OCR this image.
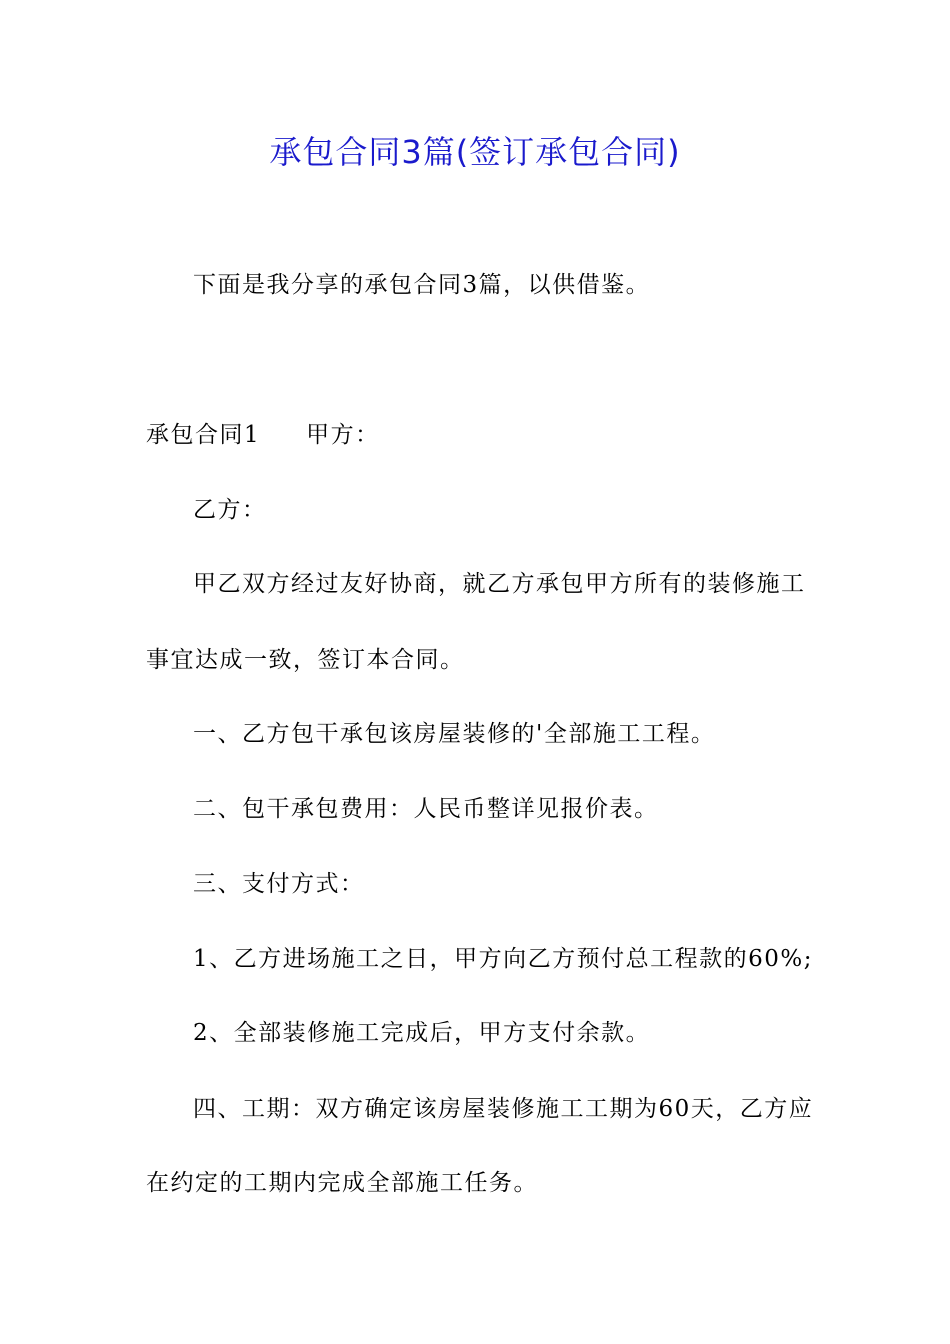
承包合同3篇(签订承包合同)
下面是我分享的承包合同3篇，以供借鉴。
承包合同1 甲方：
乙方：
甲乙双方经过友好协商，就乙方承包甲方所有的装修施工
事宜达成一致，签订本合同。
一、乙方包干承包该房屋装修的'全部施工工程。
二、包干承包费用：人民币整详见报价表。
三、支付方式：
1、乙方进场施工之日，甲方向乙方预付总工程款的60%;
2、全部装修施工完成后，甲方支付余款。
四、工期：双方确定该房屋装修施工工期为60天，乙方应
在约定的工期内完成全部施工任务。
